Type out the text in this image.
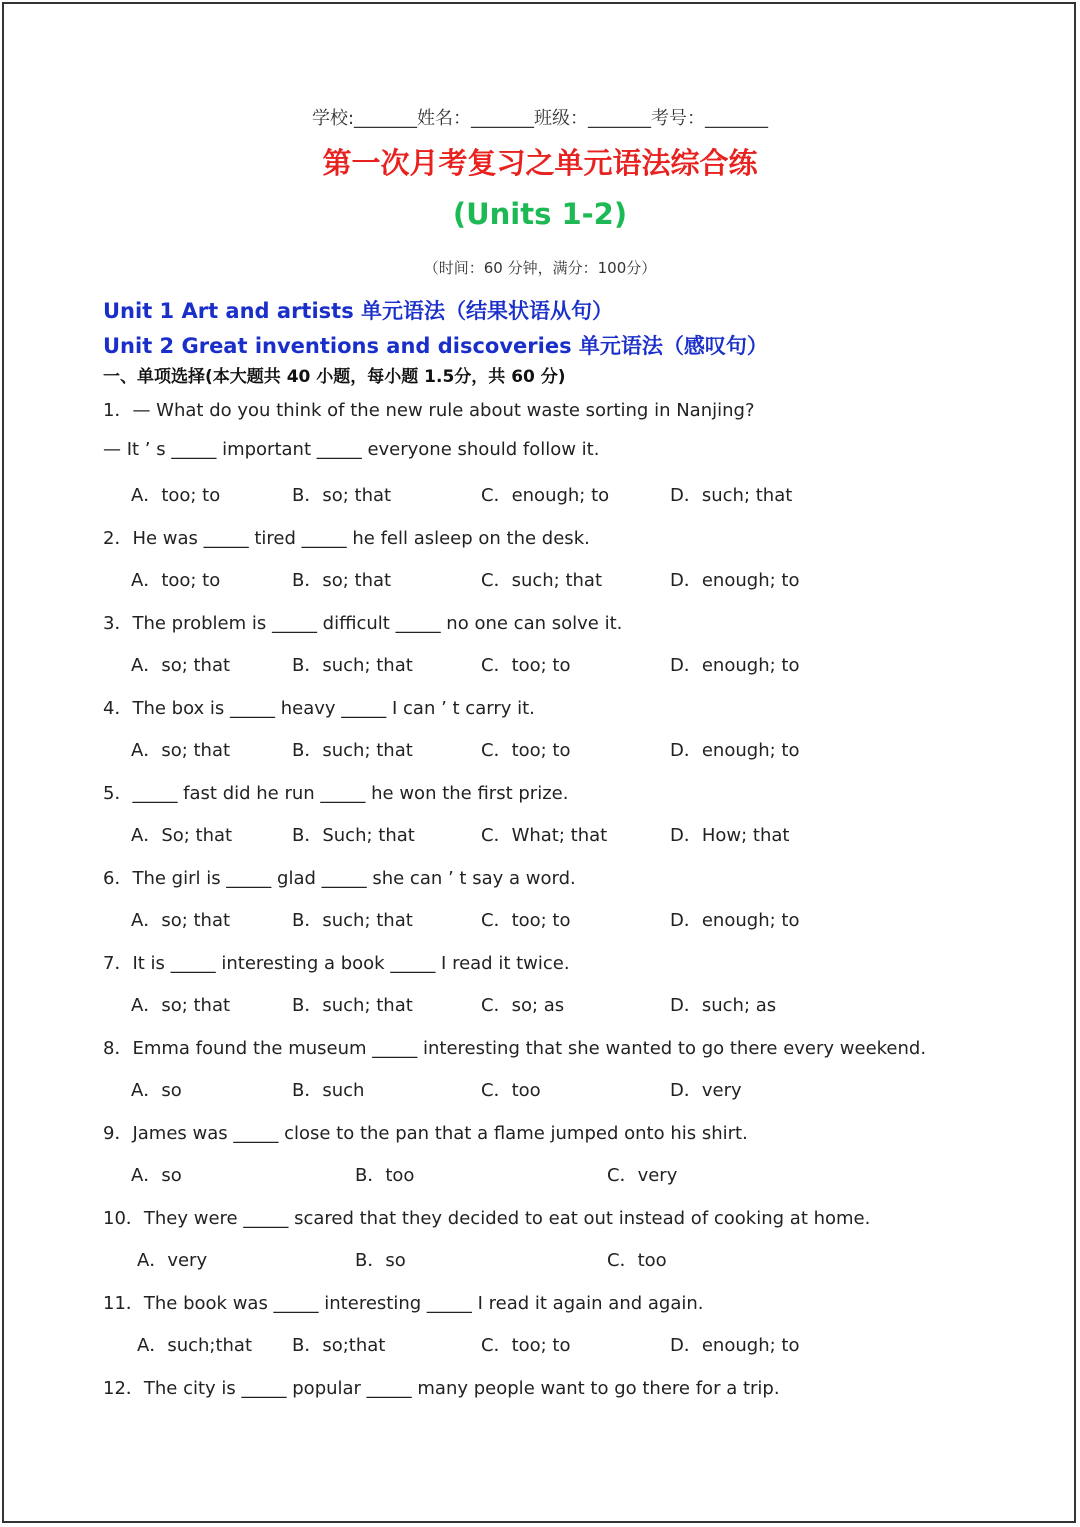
学校:_______姓名：_______班级：_______考号：_______
第一次月考复习之单元语法综合练
(Units 1-2)
（时间：60 分钟，满分：100分）
Unit 1 Art and artists 单元语法（结果状语从句）
Unit 2 Great inventions and discoveries 单元语法（感叹句）
一、单项选择(本大题共 40 小题，每小题 1.5分，共 60 分)
1．— What do you think of the new rule about waste sorting in Nanjing?
— It ’ s _____ important _____ everyone should follow it.
A．too; to	B．so; that	C．enough; to	D．such; that
2．He was _____ tired _____ he fell asleep on the desk.
A．too; to	B．so; that	C．such; that	D．enough; to
3．The problem is _____ difficult _____ no one can solve it.
A．so; that	B．such; that	C．too; to	D．enough; to
4．The box is _____ heavy _____ I can ’ t carry it.
A．so; that	B．such; that	C．too; to	D．enough; to
5．_____ fast did he run _____ he won the first prize.
A．So; that	B．Such; that	C．What; that	D．How; that
6．The girl is _____ glad _____ she can ’ t say a word.
A．so; that	B．such; that	C．too; to	D．enough; to
7．It is _____ interesting a book _____ I read it twice.
A．so; that	B．such; that	C．so; as	D．such; as
8．Emma found the museum _____ interesting that she wanted to go there every weekend.
A．so	B．such	C．too	D．very
9．James was _____ close to the pan that a flame jumped onto his shirt.
A．so	B．too	C．very
10．They were _____ scared that they decided to eat out instead of cooking at home.
A．very	B．so	C．too
11．The book was _____ interesting _____ I read it again and again.
A．such;that B．so;that	C．too; to	D．enough; to
12．The city is _____ popular _____ many people want to go there for a trip.
